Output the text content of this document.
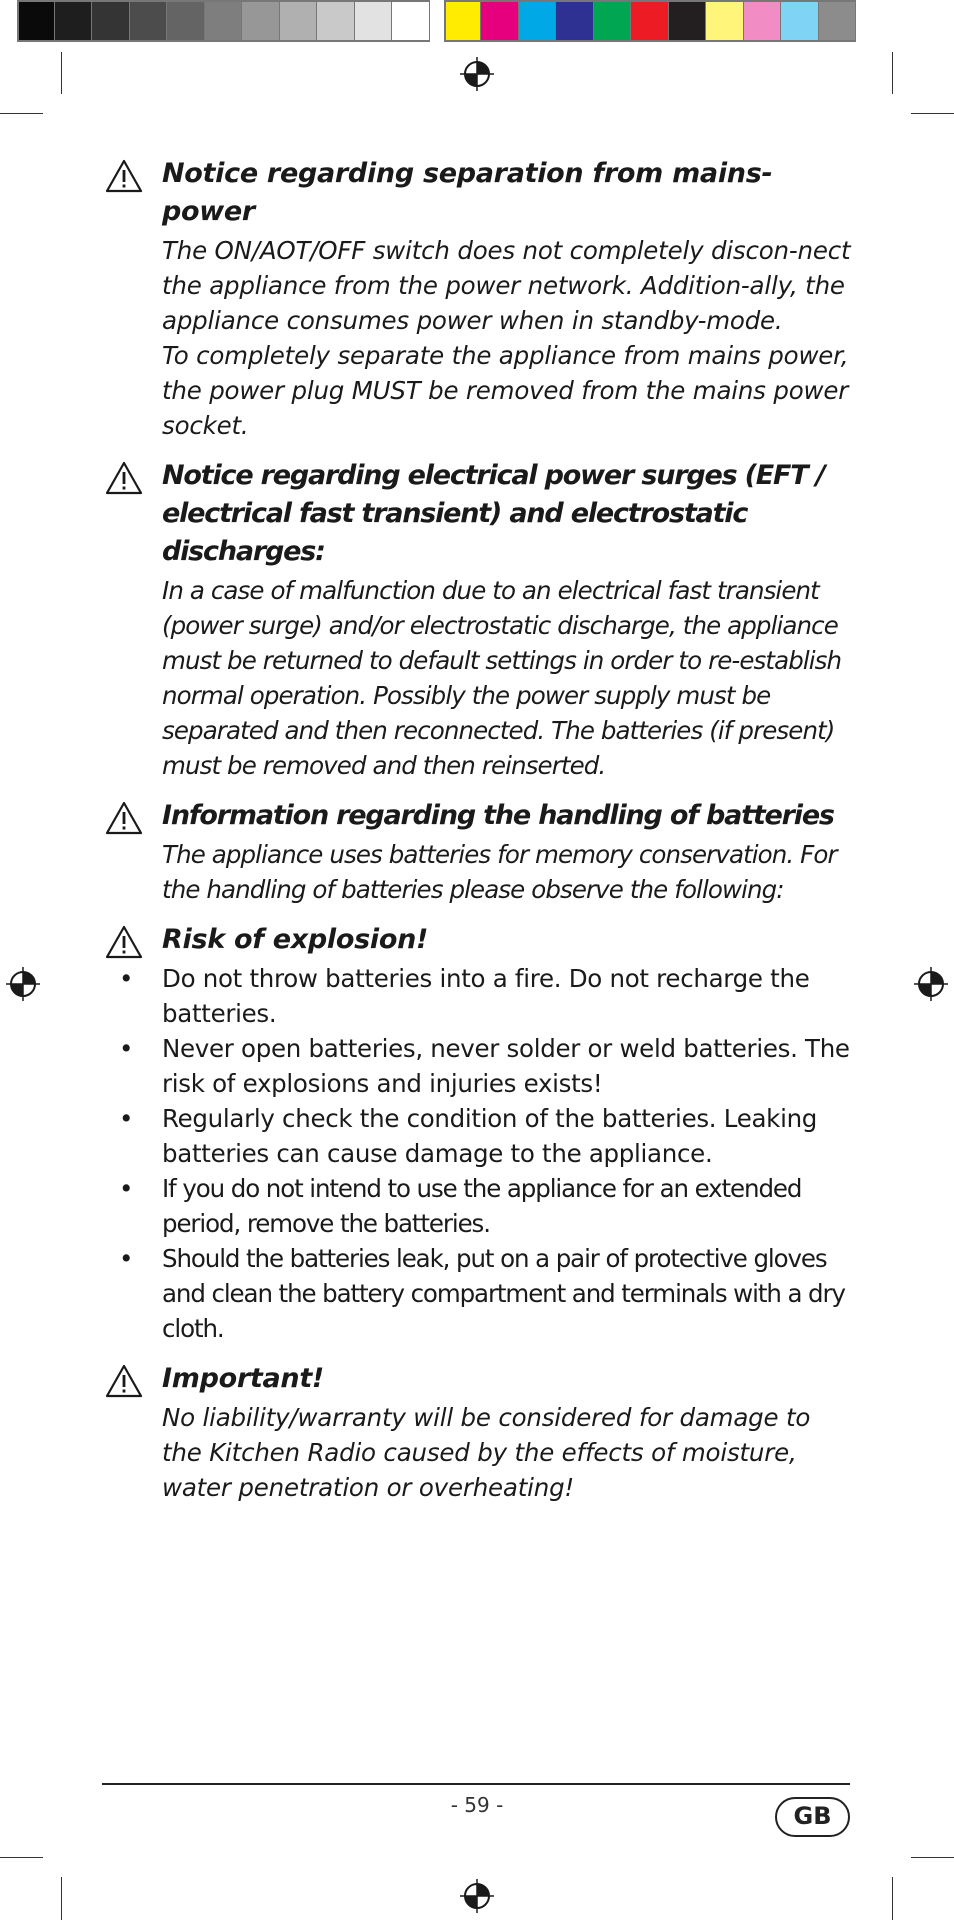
Notice regarding separation from mains-power

The ON/AOT/OFF switch does not completely discon-nect the appliance from the power network. Addition-ally, the appliance consumes power when in standby-mode.

To completely separate the appliance from mains power, the power plug MUST be removed from the mains power socket.

Notice regarding electrical power surges (EFT / electrical fast transient) and electrostatic discharges:

In a case of malfunction due to an electrical fast transient (power surge) and/or electrostatic discharge, the appliance must be returned to default settings in order to re-establish normal operation. Possibly the power supply must be separated and then reconnected. The batteries (if present) must be removed and then reinserted.

Information regarding the handling of batteries

The appliance uses batteries for memory conservation. For the handling of batteries please observe the following:

Risk of explosion!
• Do not throw batteries into a fire. Do not recharge the batteries.
• Never open batteries, never solder or weld batteries. The risk of explosions and injuries exists!
• Regularly check the condition of the batteries. Leaking batteries can cause damage to the appliance.
• If you do not intend to use the appliance for an extended period, remove the batteries.
• Should the batteries leak, put on a pair of protective gloves and clean the battery compartment and terminals with a dry cloth.
Important!

No liability/warranty will be considered for damage to the Kitchen Radio caused by the effects of moisture, water penetration or overheating!

- 59 -	GB
